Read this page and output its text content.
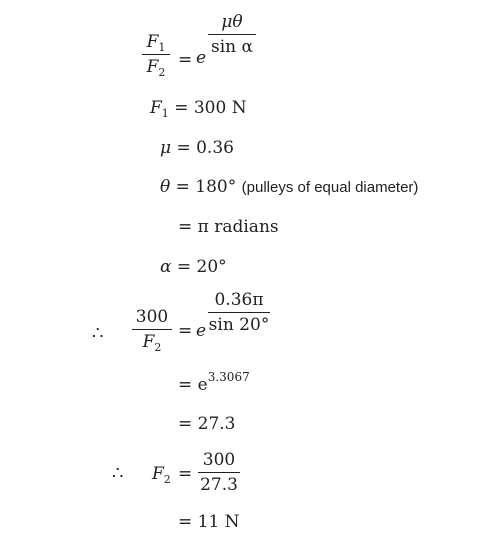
$F_1$
$F_2$
= e
μθ
sin α
$F_1 = 300$ N
μ = 0.36
θ = 180° (pulleys of equal diameter)
= π radians
α = 20°
∴
300
$F_2$
= e
0.36π
sin 20°
= $e^{3.3067}$
= 27.3
∴ $F_2$ =
300
27.3
= 11 N
